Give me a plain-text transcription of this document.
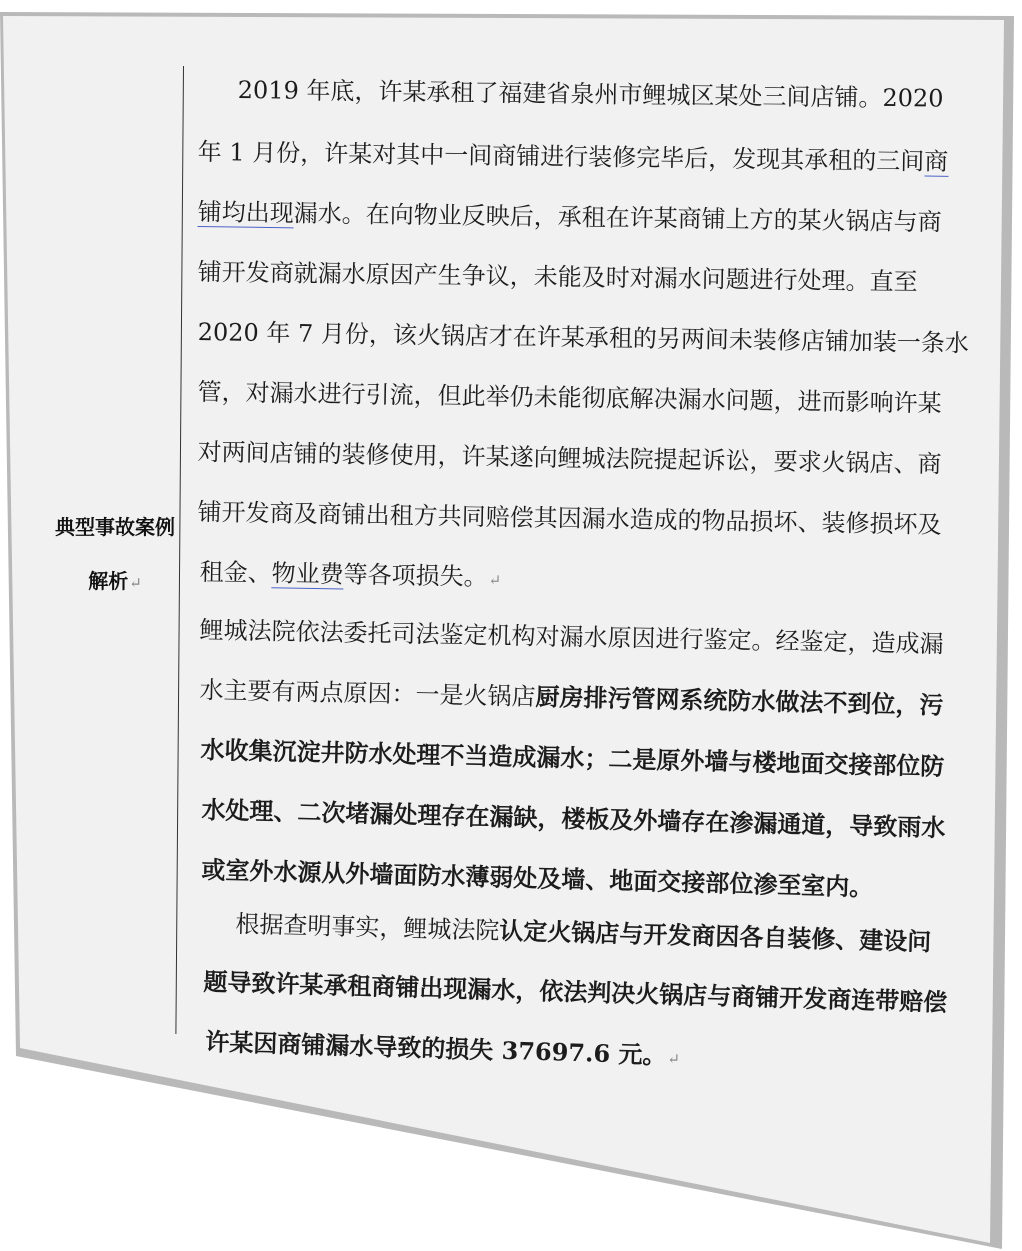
典型事故案例
解析↵
2019 年底，许某承租了福建省泉州市鲤城区某处三间店铺。2020
年 1 月份，许某对其中一间商铺进行装修完毕后，发现其承租的三间商
铺均出现漏水。在向物业反映后，承租在许某商铺上方的某火锅店与商
铺开发商就漏水原因产生争议，未能及时对漏水问题进行处理。直至
2020 年 7 月份，该火锅店才在许某承租的另两间未装修店铺加装一条水
管，对漏水进行引流，但此举仍未能彻底解决漏水问题，进而影响许某
对两间店铺的装修使用，许某遂向鲤城法院提起诉讼，要求火锅店、商
铺开发商及商铺出租方共同赔偿其因漏水造成的物品损坏、装修损坏及
租金、物业费等各项损失。↵
鲤城法院依法委托司法鉴定机构对漏水原因进行鉴定。经鉴定，造成漏
水主要有两点原因：一是火锅店厨房排污管网系统防水做法不到位，污
水收集沉淀井防水处理不当造成漏水；二是原外墙与楼地面交接部位防
水处理、二次堵漏处理存在漏缺，楼板及外墙存在渗漏通道，导致雨水
或室外水源从外墙面防水薄弱处及墙、地面交接部位渗至室内。
根据查明事实，鲤城法院认定火锅店与开发商因各自装修、建设问
题导致许某承租商铺出现漏水，依法判决火锅店与商铺开发商连带赔偿
许某因商铺漏水导致的损失 37697.6 元。↵
